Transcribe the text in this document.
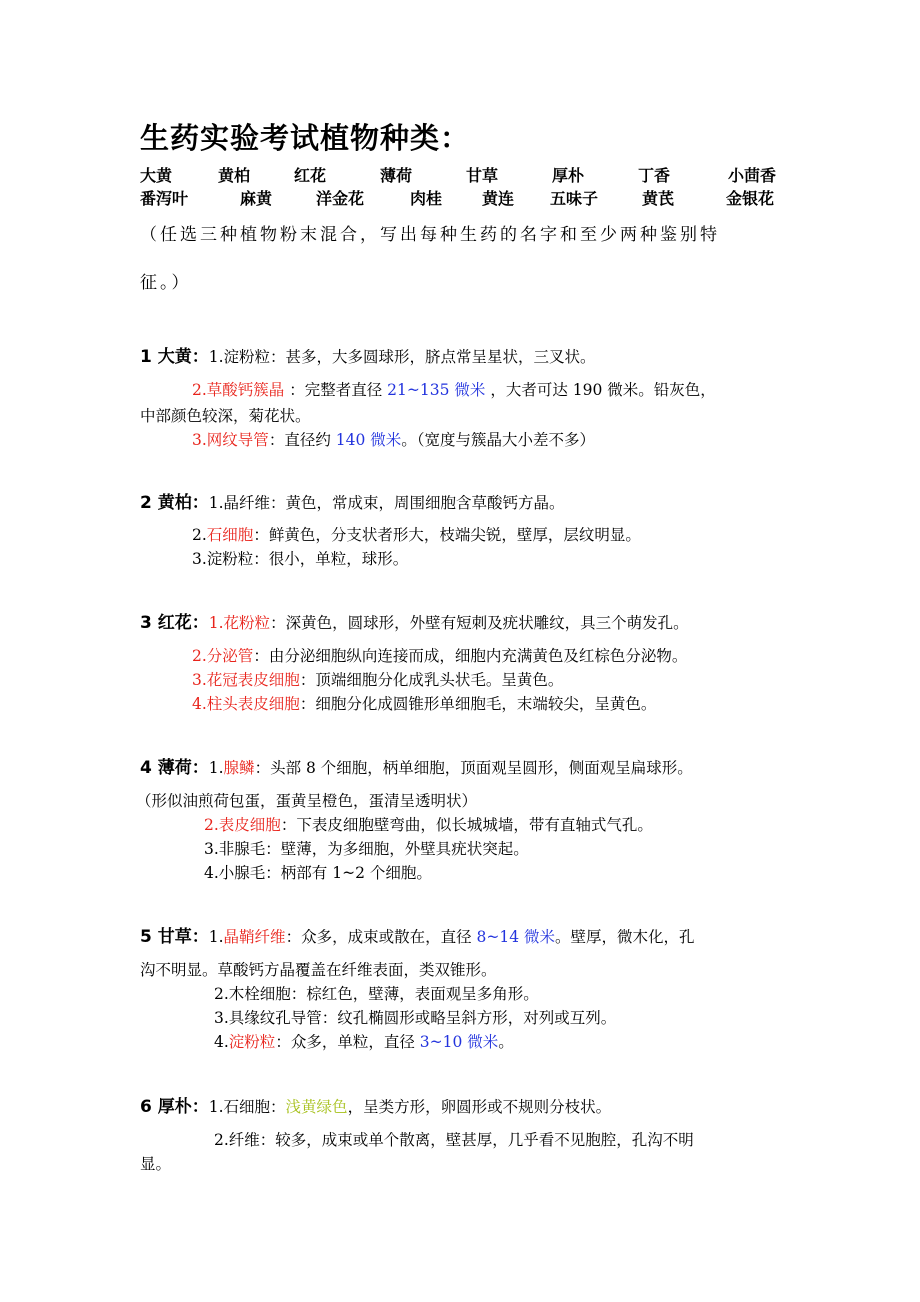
生药实验考试植物种类：
大黄	黄柏	红花	薄荷	甘草	厚朴	丁香	小茴香
番泻叶	麻黄	洋金花	肉桂 黄连 五味子	黄芪	金银花
（任选三种植物粉末混合，写出每种生药的名字和至少两种鉴别特
征。）
1 大黄：1.淀粉粒：甚多，大多圆球形，脐点常呈星状，三叉状。
2.草酸钙簇晶 ：完整者直径 21~135 微米 ，大者可达 190 微米。铅灰色，
中部颜色较深，菊花状。
3.网纹导管：直径约 140 微米。（宽度与簇晶大小差不多）
2 黄柏：1.晶纤维：黄色，常成束，周围细胞含草酸钙方晶。
2.石细胞：鲜黄色，分支状者形大，枝端尖锐，壁厚，层纹明显。
3.淀粉粒：很小，单粒，球形。
3 红花：1.花粉粒：深黄色，圆球形，外壁有短刺及疣状雕纹，具三个萌发孔。
2.分泌管：由分泌细胞纵向连接而成，细胞内充满黄色及红棕色分泌物。
3.花冠表皮细胞：顶端细胞分化成乳头状毛。呈黄色。
4.柱头表皮细胞：细胞分化成圆锥形单细胞毛，末端较尖，呈黄色。
4 薄荷：1.腺鳞：头部 8 个细胞，柄单细胞，顶面观呈圆形，侧面观呈扁球形。
（形似油煎荷包蛋，蛋黄呈橙色，蛋清呈透明状）
2.表皮细胞：下表皮细胞壁弯曲，似长城城墙，带有直轴式气孔。
3.非腺毛：壁薄，为多细胞，外壁具疣状突起。
4.小腺毛：柄部有 1~2 个细胞。
5 甘草：1.晶鞘纤维：众多，成束或散在，直径 8~14 微米。壁厚，微木化，孔
沟不明显。草酸钙方晶覆盖在纤维表面，类双锥形。
2.木栓细胞：棕红色，壁薄，表面观呈多角形。
3.具缘纹孔导管：纹孔椭圆形或略呈斜方形，对列或互列。
4.淀粉粒：众多，单粒，直径 3~10 微米。
6 厚朴：1.石细胞：浅黄绿色，呈类方形，卵圆形或不规则分枝状。
2.纤维：较多，成束或单个散离，壁甚厚，几乎看不见胞腔，孔沟不明
显。
